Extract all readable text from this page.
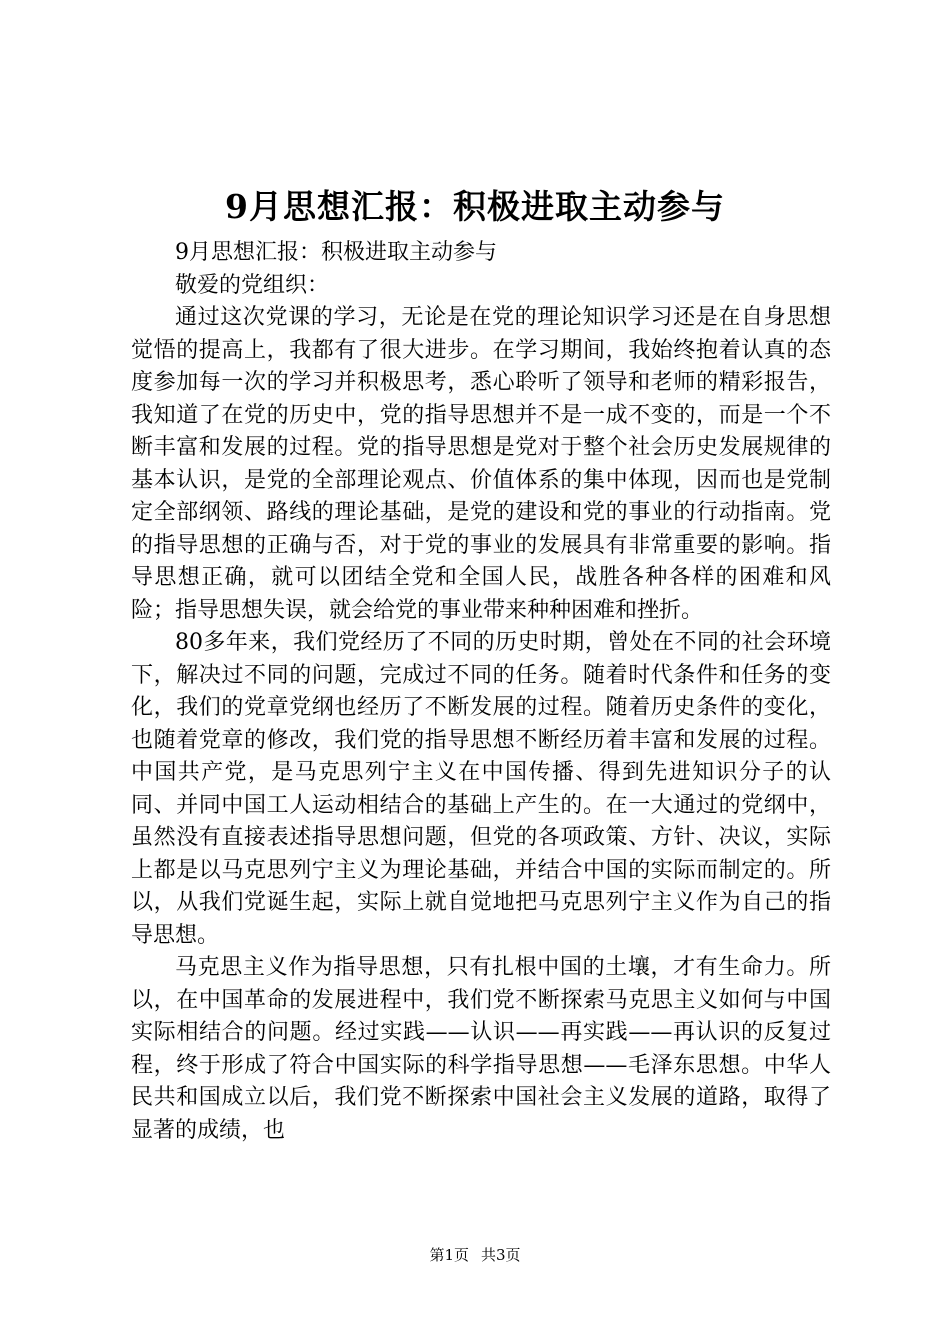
9月思想汇报：积极进取主动参与

9月思想汇报：积极进取主动参与

敬爱的党组织：

通过这次党课的学习，无论是在党的理论知识学习还是在自身思想觉悟的提高上，我都有了很大进步。在学习期间，我始终抱着认真的态度参加每一次的学习并积极思考，悉心聆听了领导和老师的精彩报告，我知道了在党的历史中，党的指导思想并不是一成不变的，而是一个不断丰富和发展的过程。党的指导思想是党对于整个社会历史发展规律的基本认识，是党的全部理论观点、价值体系的集中体现，因而也是党制定全部纲领、路线的理论基础，是党的建设和党的事业的行动指南。党的指导思想的正确与否，对于党的事业的发展具有非常重要的影响。指导思想正确，就可以团结全党和全国人民，战胜各种各样的困难和风险；指导思想失误，就会给党的事业带来种种困难和挫折。

80多年来，我们党经历了不同的历史时期，曾处在不同的社会环境下，解决过不同的问题，完成过不同的任务。随着时代条件和任务的变化，我们的党章党纲也经历了不断发展的过程。随着历史条件的变化，也随着党章的修改，我们党的指导思想不断经历着丰富和发展的过程。中国共产党，是马克思列宁主义在中国传播、得到先进知识分子的认同、并同中国工人运动相结合的基础上产生的。在一大通过的党纲中，虽然没有直接表述指导思想问题，但党的各项政策、方针、决议，实际上都是以马克思列宁主义为理论基础，并结合中国的实际而制定的。所以，从我们党诞生起，实际上就自觉地把马克思列宁主义作为自己的指导思想。

马克思主义作为指导思想，只有扎根中国的土壤，才有生命力。所以，在中国革命的发展进程中，我们党不断探索马克思主义如何与中国实际相结合的问题。经过实践——认识——再实践——再认识的反复过程，终于形成了符合中国实际的科学指导思想——毛泽东思想。中华人民共和国成立以后，我们党不断探索中国社会主义发展的道路，取得了显著的成绩，也

第1页 共3页
